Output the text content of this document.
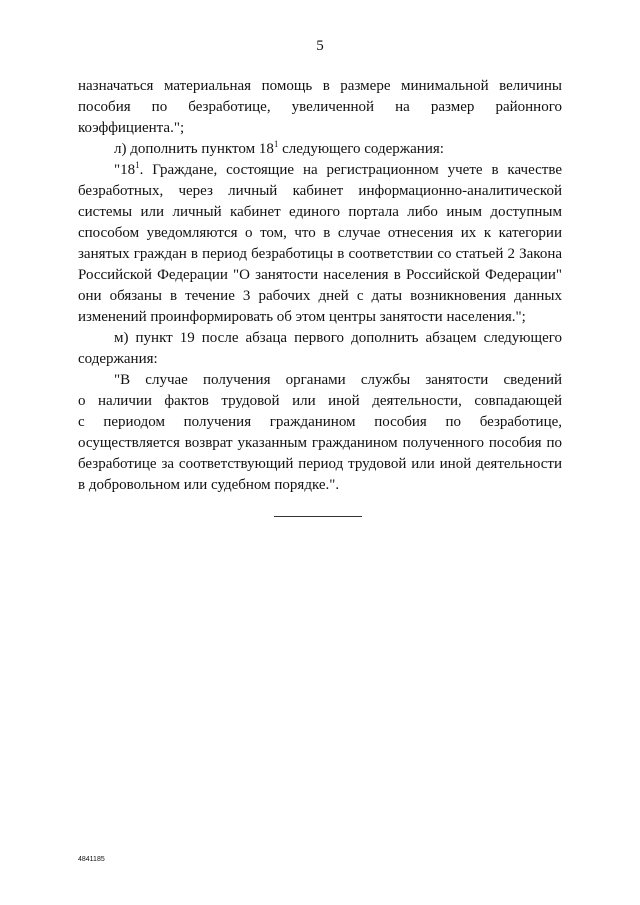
5
назначаться материальная помощь в размере минимальной величины
пособия по безработице, увеличенной на размер районного
коэффициента.";
л) дополнить пунктом $18^1$ следующего содержания:
"$18^1$. Граждане, состоящие на регистрационном учете в качестве
безработных, через личный кабинет информационно-аналитической
системы или личный кабинет единого портала либо иным доступным
способом уведомляются о том, что в случае отнесения их к категории
занятых граждан в период безработицы в соответствии со статьей 2 Закона
Российской Федерации "О занятости населения в Российской Федерации"
они обязаны в течение 3 рабочих дней с даты возникновения данных
изменений проинформировать об этом центры занятости населения.";
м) пункт 19 после абзаца первого дополнить абзацем следующего
содержания:
"В случае получения органами службы занятости сведений
о наличии фактов трудовой или иной деятельности, совпадающей
с периодом получения гражданином пособия по безработице,
осуществляется возврат указанным гражданином полученного пособия по
безработице за соответствующий период трудовой или иной деятельности
в добровольном или судебном порядке.".
4841185
